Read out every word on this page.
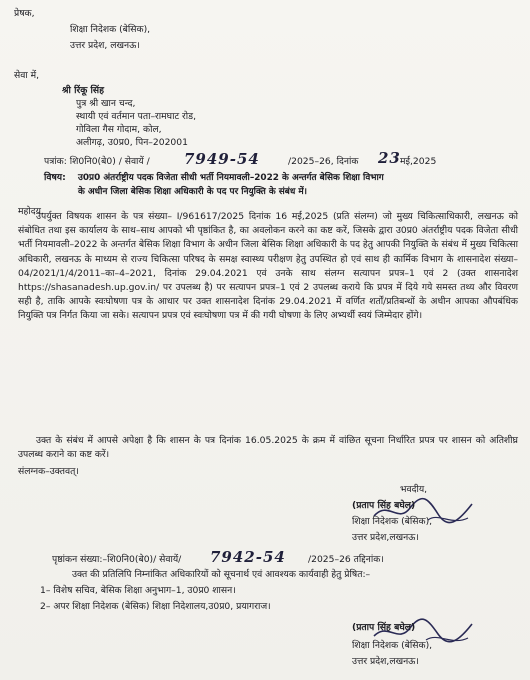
प्रेषक,
शिक्षा निदेशक (बेसिक),
उत्तर प्रदेश, लखनऊ।
सेवा में,
श्री रिंकू सिंह
पुत्र श्री खान चन्द,
स्थायी एवं वर्तमान पता–रामघाट रोड,
गोविला गैस गोदाम, कोल,
अलीगढ़, उ0प्र0, पिन–202001
पत्रांक: शि0नि0(बे0) / सेवायें / 7949-54	/2025–26, दिनांक 23 मई,2025
विषय: उ0प्र0 अंतर्राष्ट्रीय पदक विजेता सीधी भर्ती नियमावली–2022 के अन्तर्गत बेसिक शिक्षा विभाग
के अधीन जिला बेसिक शिक्षा अधिकारी के पद पर नियुक्ति के संबंध में।
महोदय,

उपर्युक्त विषयक शासन के पत्र संख्या– I/961617/2025 दिनांक 16 मई,2025 (प्रति संलग्न) जो मुख्य चिकित्साधिकारी, लखनऊ को संबोधित तथा इस कार्यालय के साथ–साथ आपको भी पृष्ठांकित है, का अवलोकन करने का कष्ट करें, जिसके द्वारा उ0प्र0 अंतर्राष्ट्रीय पदक विजेता सीधी भर्ती नियमावली–2022 के अन्तर्गत बेसिक शिक्षा विभाग के अधीन जिला बेसिक शिक्षा अधिकारी के पद हेतु आपकी नियुक्ति के संबंध में मुख्य चिकित्सा अधिकारी, लखनऊ के माध्यम से राज्य चिकित्सा परिषद के समक्ष स्वास्थ्य परीक्षण हेतु उपस्थित हो एवं साथ ही कार्मिक विभाग के शासनादेश संख्या–04/2021/1/4/2011–का–4–2021, दिनांक 29.04.2021 एवं उनके साथ संलग्न सत्यापन प्रपत्र–1 एवं 2 (उक्त शासनादेश https://shasanadesh.up.gov.in/ पर उपलब्ध है) पर सत्यापन प्रपत्र–1 एवं 2 उपलब्ध कराये कि प्रपत्र में दिये गये समस्त तथ्य और विवरण सही है, ताकि आपके स्वःघोषणा पत्र के आधार पर उक्त शासनादेश दिनांक 29.04.2021 में वर्णित शर्तों/प्रतिबन्धों के अधीन आपका औपबंधिक नियुक्ति पत्र निर्गत किया जा सके। सत्यापन प्रपत्र एवं स्वःघोषणा पत्र में की गयी घोषणा के लिए अभ्यर्थी स्वयं जिम्मेदार होंगे।

उक्त के संबंध में आपसे अपेक्षा है कि शासन के पत्र दिनांक 16.05.2025 के क्रम में वांछित सूचना निर्धारित प्रपत्र पर शासन को अतिशीघ्र उपलब्ध कराने का कष्ट करें।

संलग्नक–उक्तवत्।
भवदीय,
(प्रताप सिंह बघेल)
शिक्षा निदेशक (बेसिक),
उत्तर प्रदेश,लखनऊ।
पृष्ठांकन संख्या:–शि0नि0(बे0)/ सेवायें/ 7942-54 /2025–26 तद्दिनांक।
उक्त की प्रतिलिपि निम्नांकित अधिकारियों को सूचनार्थ एवं आवश्यक कार्यवाही हेतु प्रेषित:–
1– विशेष सचिव, बेसिक शिक्षा अनुभाग–1, उ0प्र0 शासन।
2– अपर शिक्षा निदेशक (बेसिक) शिक्षा निदेशालय,उ0प्र0, प्रयागराज।
(प्रताप सिंह बघेल)
शिक्षा निदेशक (बेसिक),
उत्तर प्रदेश,लखनऊ।
